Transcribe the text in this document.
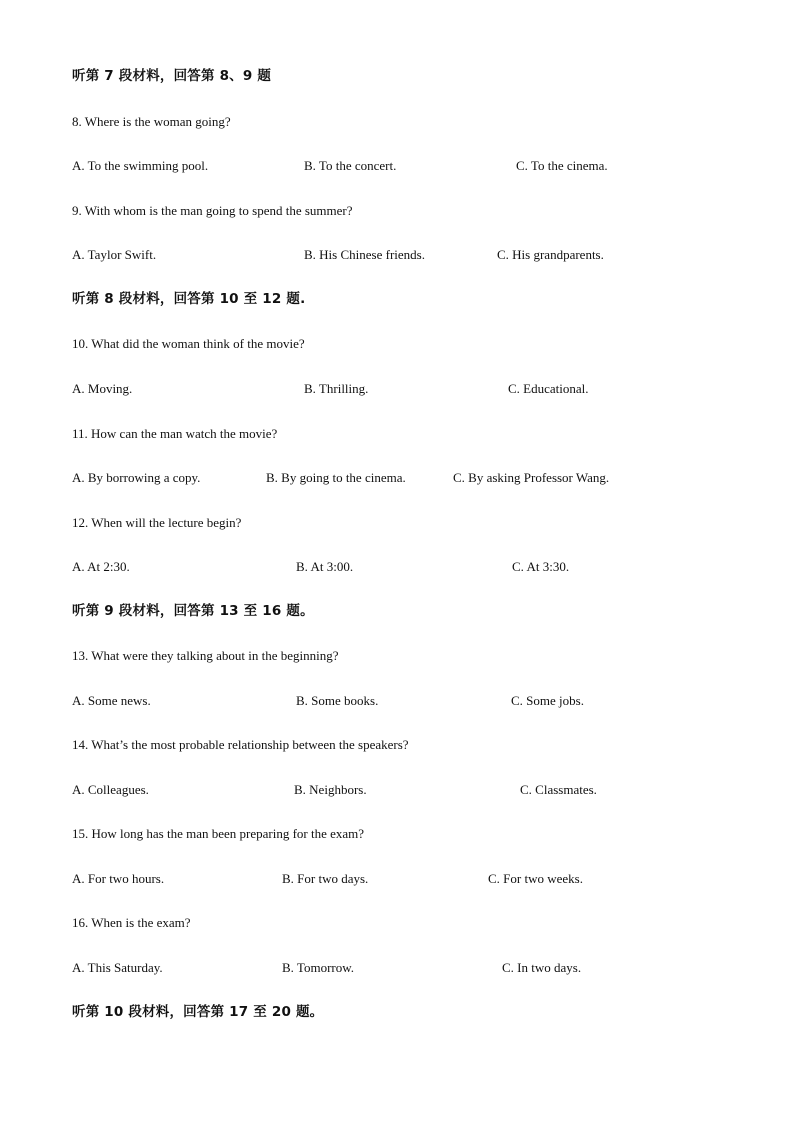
听第 7 段材料，回答第 8、9 题
8. Where is the woman going?
A. To the swimming pool.	B. To the concert.	C. To the cinema.
9. With whom is the man going to spend the summer?
A. Taylor Swift.	B. His Chinese friends.	C. His grandparents.
听第 8 段材料，回答第 10 至 12 题.
10. What did the woman think of the movie?
A. Moving.	B. Thrilling.	C. Educational.
11. How can the man watch the movie?
A. By borrowing a copy.	B. By going to the cinema.	C. By asking Professor Wang.
12. When will the lecture begin?
A. At 2:30.	B. At 3:00.	C. At 3:30.
听第 9 段材料，回答第 13 至 16 题。
13. What were they talking about in the beginning?
A. Some news.	B. Some books.	C. Some jobs.
14. What’s the most probable relationship between the speakers?
A. Colleagues.	B. Neighbors.	C. Classmates.
15. How long has the man been preparing for the exam?
A. For two hours.	B. For two days.	C. For two weeks.
16. When is the exam?
A. This Saturday.	B. Tomorrow.	C. In two days.
听第 10 段材料，回答第 17 至 20 题。
